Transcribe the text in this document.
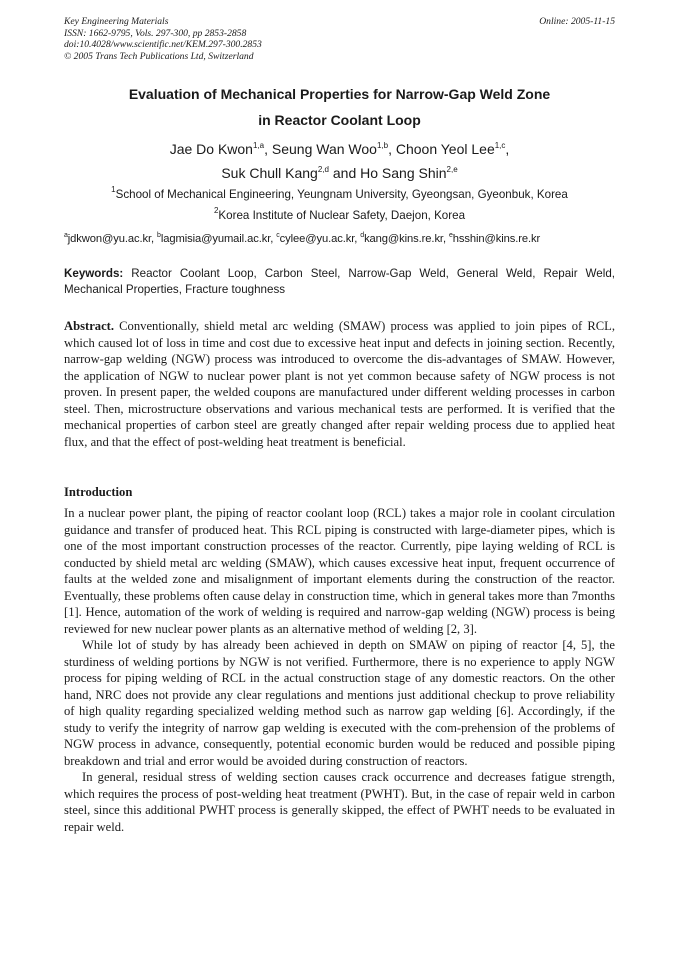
Key Engineering Materials
ISSN: 1662-9795, Vols. 297-300, pp 2853-2858
doi:10.4028/www.scientific.net/KEM.297-300.2853
© 2005 Trans Tech Publications Ltd, Switzerland
Online: 2005-11-15
Evaluation of Mechanical Properties for Narrow-Gap Weld Zone
in Reactor Coolant Loop
Jae Do Kwon$^{1,a}$, Seung Wan Woo$^{1,b}$, Choon Yeol Lee$^{1,c}$,
Suk Chull Kang$^{2,d}$ and Ho Sang Shin$^{2,e}$
$^1$School of Mechanical Engineering, Yeungnam University, Gyeongsan, Gyeonbuk, Korea
$^2$Korea Institute of Nuclear Safety, Daejon, Korea
$^a$jdkwon@yu.ac.kr, $^b$lagmisia@yumail.ac.kr, $^c$cylee@yu.ac.kr, $^d$kang@kins.re.kr, $^e$hsshin@kins.re.kr
Keywords: Reactor Coolant Loop, Carbon Steel, Narrow-Gap Weld, General Weld, Repair Weld, Mechanical Properties, Fracture toughness

Abstract. Conventionally, shield metal arc welding (SMAW) process was applied to join pipes of RCL, which caused lot of loss in time and cost due to excessive heat input and defects in joining section. Recently, narrow-gap welding (NGW) process was introduced to overcome the dis-advantages of SMAW. However, the application of NGW to nuclear power plant is not yet common because safety of NGW process is not proven. In present paper, the welded coupons are manufactured under different welding processes in carbon steel. Then, microstructure observations and various mechanical tests are performed. It is verified that the mechanical properties of carbon steel are greatly changed after repair welding process due to applied heat flux, and that the effect of post-welding heat treatment is beneficial.

Introduction

In a nuclear power plant, the piping of reactor coolant loop (RCL) takes a major role in coolant circulation guidance and transfer of produced heat. This RCL piping is constructed with large-diameter pipes, which is one of the most important construction processes of the reactor. Currently, pipe laying welding of RCL is conducted by shield metal arc welding (SMAW), which causes excessive heat input, frequent occurrence of faults at the welded zone and misalignment of important elements during the construction of the reactor. Eventually, these problems often cause delay in construction time, which in general takes more than 7months [1]. Hence, automation of the work of welding is required and narrow-gap welding (NGW) process is being reviewed for new nuclear power plants as an alternative method of welding [2, 3].

While lot of study by has already been achieved in depth on SMAW on piping of reactor [4, 5], the sturdiness of welding portions by NGW is not verified. Furthermore, there is no experience to apply NGW process for piping welding of RCL in the actual construction stage of any domestic reactors. On the other hand, NRC does not provide any clear regulations and mentions just additional checkup to prove reliability of high quality regarding specialized welding method such as narrow gap welding [6]. Accordingly, if the study to verify the integrity of narrow gap welding is executed with the com-prehension of the problems of NGW process in advance, consequently, potential economic burden would be reduced and possible piping breakdown and trial and error would be avoided during construction of reactors.

In general, residual stress of welding section causes crack occurrence and decreases fatigue strength, which requires the process of post-welding heat treatment (PWHT). But, in the case of repair weld in carbon steel, since this additional PWHT process is generally skipped, the effect of PWHT needs to be evaluated in repair weld.
